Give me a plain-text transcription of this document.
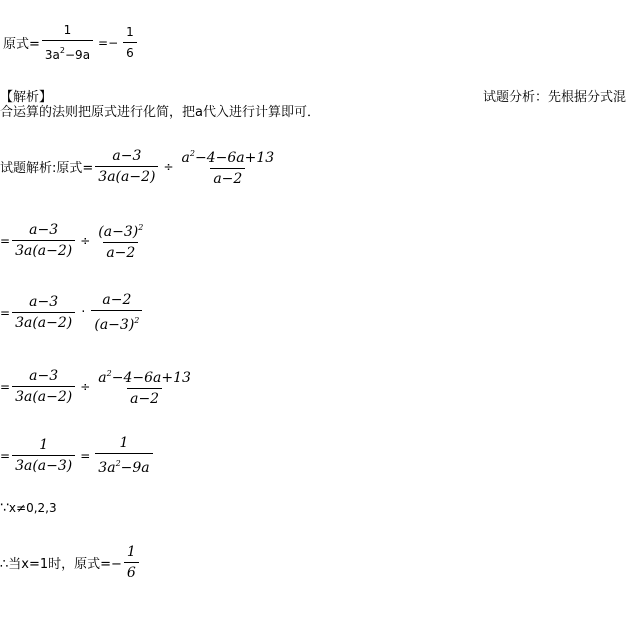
原式= $\frac{1}{3a^2-9a} =- \frac{1}{6}$
【解析】	试题分析：先根据分式混
合运算的法则把原式进行化简，把a代入进行计算即可．
试题解析:原式= $\frac{a-3}{3a(a-2)} \div \frac{a^2-4-6a+13}{a-2}$
= $\frac{a-3}{3a(a-2)} \div \frac{(a-3)^2}{a-2}$
= $\frac{a-3}{3a(a-2)} \cdot \frac{a-2}{(a-3)^2}$
= $\frac{a-3}{3a(a-2)} \div \frac{a^2-4-6a+13}{a-2}$
= $\frac{1}{3a(a-3)} = \frac{1}{3a^2-9a}$
∵ x≠0,2,3
∴当x=1时，原式=− $\frac{1}{6}$
